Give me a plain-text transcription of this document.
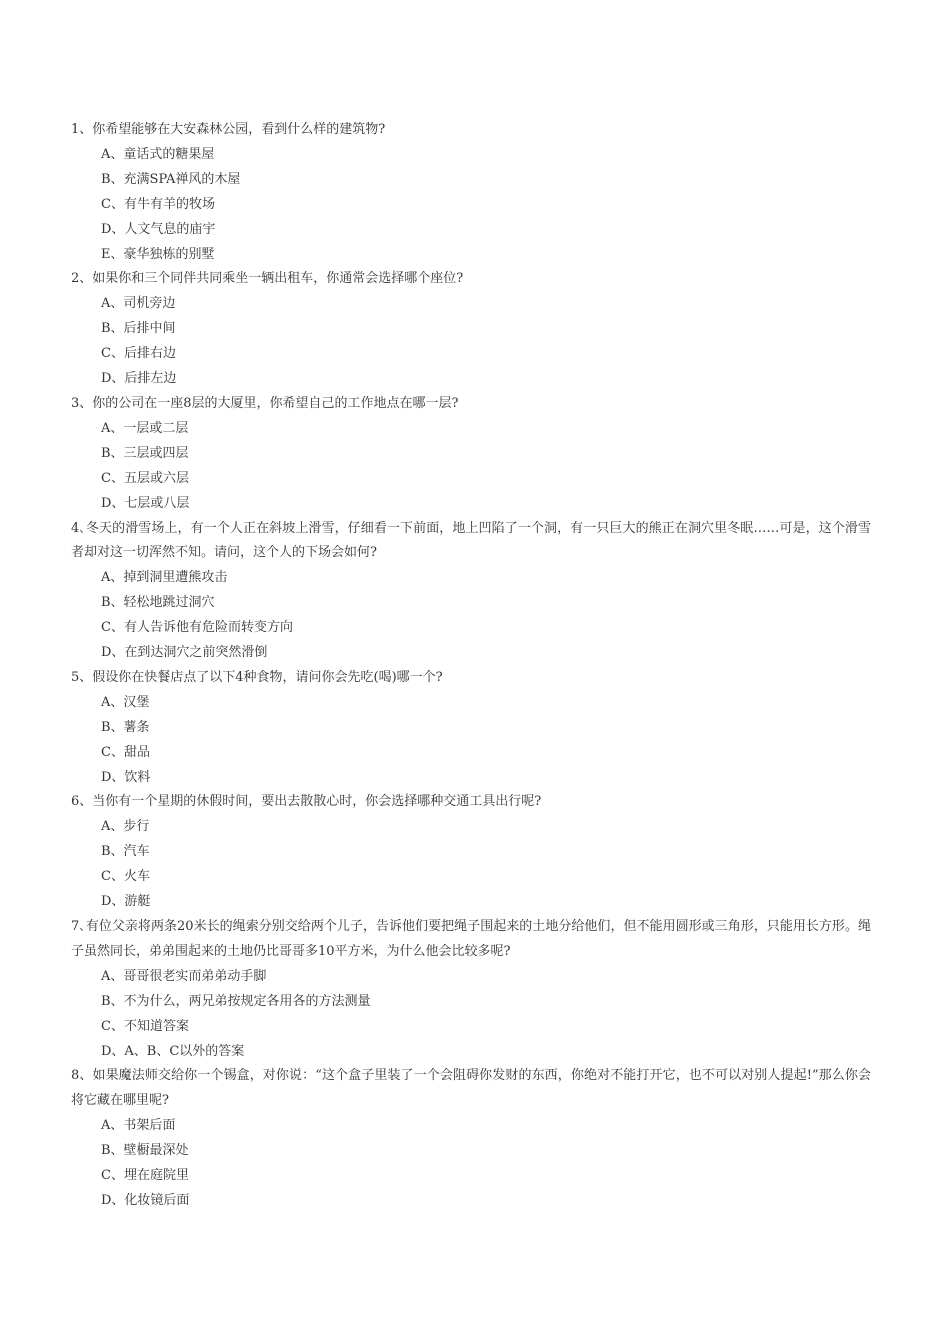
1、你希望能够在大安森林公园，看到什么样的建筑物?

A、童话式的糖果屋
B、充满SPA禅风的木屋
C、有牛有羊的牧场
D、人文气息的庙宇
E、豪华独栋的别墅

2、如果你和三个同伴共同乘坐一辆出租车，你通常会选择哪个座位?

A、司机旁边
B、后排中间
C、后排右边
D、后排左边

3、你的公司在一座8层的大厦里，你希望自己的工作地点在哪一层?

A、一层或二层
B、三层或四层
C、五层或六层
D、七层或八层

4､冬天的滑雪场上，有一个人正在斜坡上滑雪，仔细看一下前面，地上凹陷了一个洞，有一只巨大的熊正在洞穴里冬眠……可是，这个滑雪者却对这一切浑然不知。请问，这个人的下场会如何?

A、掉到洞里遭熊攻击
B、轻松地跳过洞穴
C、有人告诉他有危险而转变方向
D、在到达洞穴之前突然滑倒

5、假设你在快餐店点了以下4种食物，请问你会先吃(喝)哪一个?

A、汉堡
B、薯条
C、甜品
D、饮料

6、当你有一个星期的休假时间，要出去散散心时，你会选择哪种交通工具出行呢?

A、步行
B、汽车
C、火车
D、游艇

7､有位父亲将两条20米长的绳索分别交给两个儿子，告诉他们要把绳子围起来的土地分给他们，但不能用圆形或三角形，只能用长方形。绳子虽然同长，弟弟围起来的土地仍比哥哥多10平方米，为什么他会比较多呢?

A、哥哥很老实而弟弟动手脚
B、不为什么，两兄弟按规定各用各的方法测量
C、不知道答案
D、A、B、C以外的答案

8、如果魔法师交给你一个锡盒，对你说：“这个盒子里装了一个会阻碍你发财的东西，你绝对不能打开它，也不可以对别人提起!”那么你会将它藏在哪里呢?

A、书架后面
B、壁橱最深处
C、埋在庭院里
D、化妆镜后面
